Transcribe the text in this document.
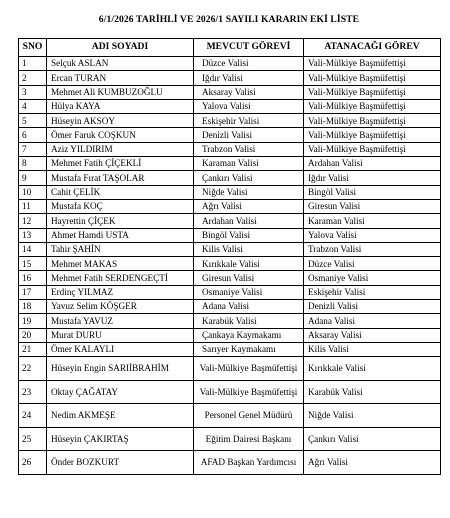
6/1/2026 TARİHLİ VE 2026/1 SAYILI KARARIN EKİ LİSTE
SNO	ADI SOYADI	MEVCUT GÖREVİ	ATANACAĞI GÖREV
1	Selçuk ASLAN	Düzce Valisi	Vali-Mülkiye Başmüfettişi
2	Ercan TURAN	Iğdır Valisi	Vali-Mülkiye Başmüfettişi
3	Mehmet Ali KUMBUZOĞLU	Aksaray Valisi	Vali-Mülkiye Başmüfettişi
4	Hülya KAYA	Yalova Valisi	Vali-Mülkiye Başmüfettişi
5	Hüseyin AKSOY	Eskişehir Valisi	Vali-Mülkiye Başmüfettişi
6	Ömer Faruk COŞKUN	Denizli Valisi	Vali-Mülkiye Başmüfettişi
7	Aziz YILDIRIM	Trabzon Valisi	Vali-Mülkiye Başmüfettişi
8	Mehmet Fatih ÇİÇEKLİ	Karaman Valisi	Ardahan Valisi
9	Mustafa Fırat TAŞOLAR	Çankırı Valisi	Iğdır Valisi
10	Cahit ÇELİK	Niğde Valisi	Bingöl Valisi
11	Mustafa KOÇ	Ağrı Valisi	Giresun Valisi
12	Hayrettin ÇİÇEK	Ardahan Valisi	Karaman Valisi
13	Ahmet Hamdi USTA	Bingöl Valisi	Yalova Valisi
14	Tahir ŞAHİN	Kilis Valisi	Trabzon Valisi
15	Mehmet MAKAS	Kırıkkale Valisi	Düzce Valisi
16	Mehmet Fatih SERDENGEÇTİ	Giresun Valisi	Osmaniye Valisi
17	Erdinç YILMAZ	Osmaniye Valisi	Eskişehir Valisi
18	Yavuz Selim KÖŞGER	Adana Valisi	Denizli Valisi
19	Mustafa YAVUZ	Karabük Valisi	Adana Valisi
20	Murat DURU	Çankaya Kaymakamı	Aksaray Valisi
21	Ömer KALAYLI	Sarıyer Kaymakamı	Kilis Valisi
22	Hüseyin Engin SARIİBRAHİM	Vali-Mülkiye Başmüfettişi	Kırıkkale Valisi
23	Oktay ÇAĞATAY	Vali-Mülkiye Başmüfettişi	Karabük Valisi
24	Nedim AKMEŞE	Personel Genel Müdürü	Niğde Valisi
25	Hüseyin ÇAKIRTAŞ	Eğitim Dairesi Başkanı	Çankırı Valisi
26	Önder BOZKURT	AFAD Başkan Yardımcısı	Ağrı Valisi
